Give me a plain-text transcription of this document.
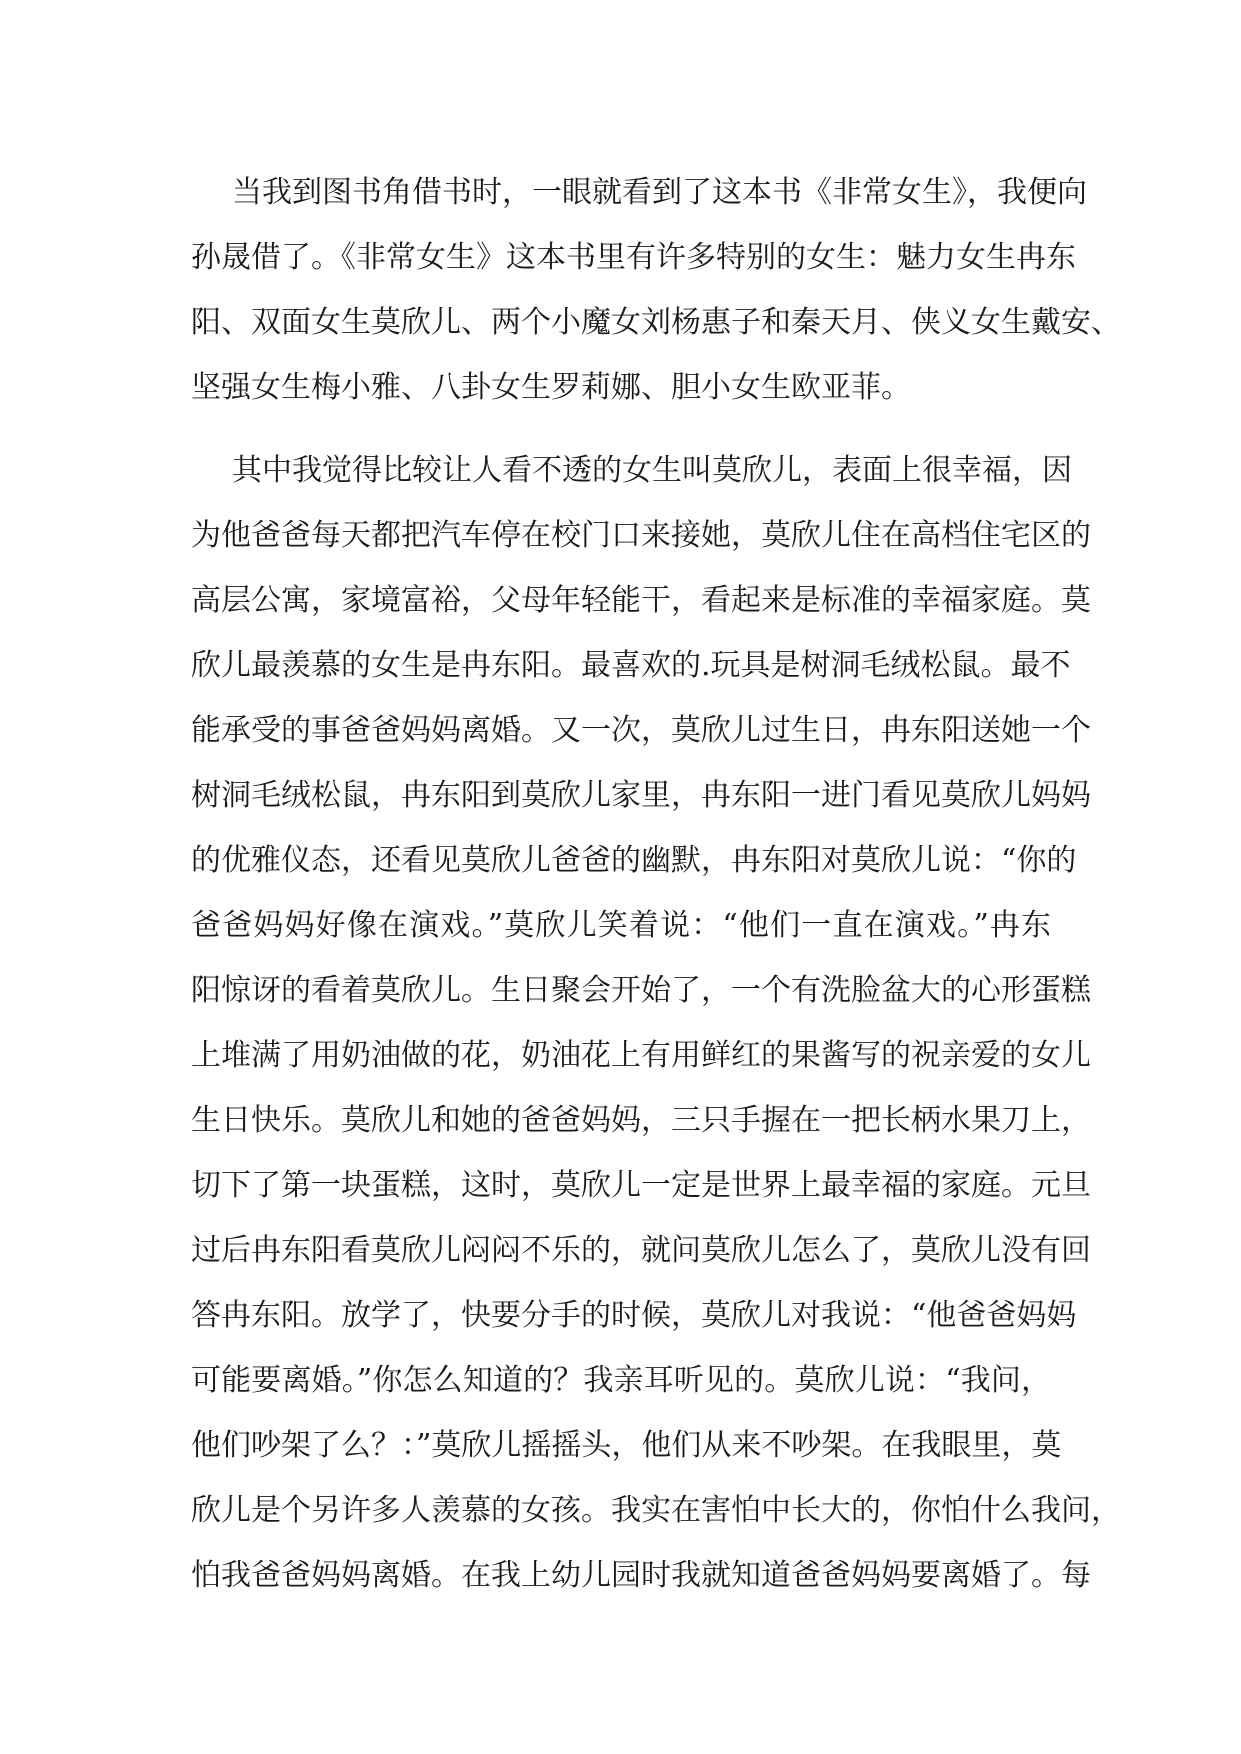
当我到图书角借书时，一眼就看到了这本书《非常女生》，我便向
孙晟借了。《非常女生》这本书里有许多特别的女生：魅力女生冉东
阳、双面女生莫欣儿、两个小魔女刘杨惠子和秦天月、侠义女生戴安、
坚强女生梅小雅、八卦女生罗莉娜、胆小女生欧亚菲。
其中我觉得比较让人看不透的女生叫莫欣儿，表面上很幸福，因
为他爸爸每天都把汽车停在校门口来接她，莫欣儿住在高档住宅区的
高层公寓，家境富裕，父母年轻能干，看起来是标准的幸福家庭。莫
欣儿最羡慕的女生是冉东阳。最喜欢的.玩具是树洞毛绒松鼠。最不
能承受的事爸爸妈妈离婚。又一次，莫欣儿过生日，冉东阳送她一个
树洞毛绒松鼠，冉东阳到莫欣儿家里，冉东阳一进门看见莫欣儿妈妈
的优雅仪态，还看见莫欣儿爸爸的幽默，冉东阳对莫欣儿说：“你的
爸爸妈妈好像在演戏。”莫欣儿笑着说：“他们一直在演戏。”冉东
阳惊讶的看着莫欣儿。生日聚会开始了，一个有洗脸盆大的心形蛋糕
上堆满了用奶油做的花，奶油花上有用鲜红的果酱写的祝亲爱的女儿
生日快乐。莫欣儿和她的爸爸妈妈，三只手握在一把长柄水果刀上，
切下了第一块蛋糕，这时，莫欣儿一定是世界上最幸福的家庭。元旦
过后冉东阳看莫欣儿闷闷不乐的，就问莫欣儿怎么了，莫欣儿没有回
答冉东阳。放学了，快要分手的时候，莫欣儿对我说：“他爸爸妈妈
可能要离婚。”你怎么知道的？我亲耳听见的。莫欣儿说：“我问，
他们吵架了么？：”莫欣儿摇摇头，他们从来不吵架。在我眼里，莫
欣儿是个另许多人羡慕的女孩。我实在害怕中长大的，你怕什么我问，
怕我爸爸妈妈离婚。在我上幼儿园时我就知道爸爸妈妈要离婚了。每
